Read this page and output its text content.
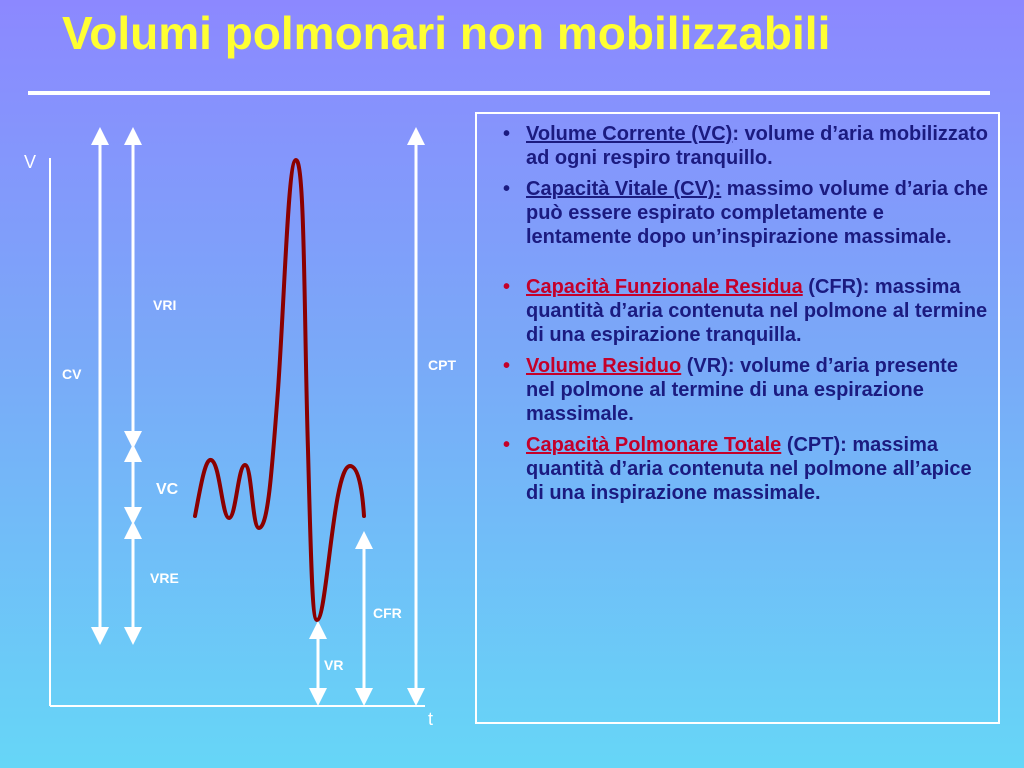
Volumi polmonari non mobilizzabili
V
t
VRI
CV
VC
VRE
CPT
CFR
VR
• Volume Corrente (VC): volume d’aria mobilizzato ad ogni respiro tranquillo.
• Capacità Vitale (CV): massimo volume d’aria che può essere espirato completamente e lentamente dopo un’inspirazione massimale.
• Capacità Funzionale Residua (CFR): massima quantità d’aria contenuta nel polmone al termine di una espirazione tranquilla.
• Volume Residuo (VR): volume d’aria presente nel polmone al termine di una espirazione massimale.
• Capacità Polmonare Totale (CPT): massima quantità d’aria contenuta nel polmone all’apice di una inspirazione massimale.
